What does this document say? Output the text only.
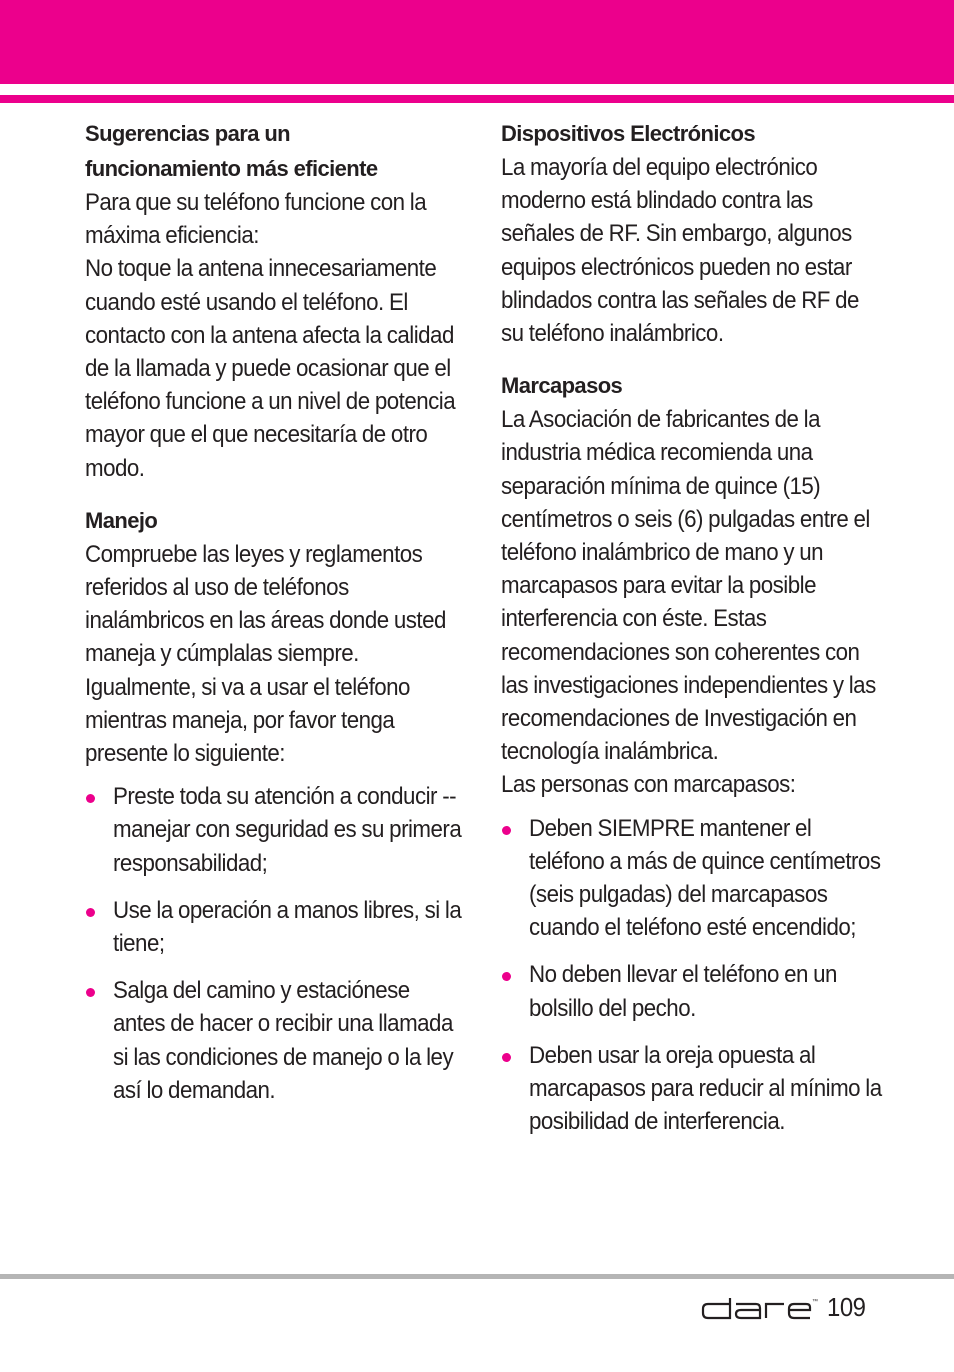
Sugerencias para un

funcionamiento más eficiente

Para que su teléfono funcione con la máxima eficiencia:

No toque la antena innecesariamente cuando esté usando el teléfono. El contacto con la antena afecta la calidad de la llamada y puede ocasionar que el teléfono funcione a un nivel de potencia mayor que el que necesitaría de otro modo.

Manejo

Compruebe las leyes y reglamentos referidos al uso de teléfonos inalámbricos en las áreas donde usted maneja y cúmplalas siempre. Igualmente, si va a usar el teléfono mientras maneja, por favor tenga presente lo siguiente:

Preste toda su atención a conducir -- manejar con seguridad es su primera responsabilidad;

Use la operación a manos libres, si la tiene;

Salga del camino y estaciónese antes de hacer o recibir una llamada si las condiciones de manejo o la ley así lo demandan.

Dispositivos Electrónicos

La mayoría del equipo electrónico moderno está blindado contra las señales de RF. Sin embargo, algunos equipos electrónicos pueden no estar blindados contra las señales de RF de su teléfono inalámbrico.

Marcapasos

La Asociación de fabricantes de la industria médica recomienda una separación mínima de quince (15) centímetros o seis (6) pulgadas entre el teléfono inalámbrico de mano y un marcapasos para evitar la posible interferencia con éste. Estas recomendaciones son coherentes con las investigaciones independientes y las recomendaciones de Investigación en tecnología inalámbrica.

Las personas con marcapasos:

Deben SIEMPRE mantener el teléfono a más de quince centímetros (seis pulgadas) del marcapasos cuando el teléfono esté encendido;

No deben llevar el teléfono en un bolsillo del pecho.

Deben usar la oreja opuesta al marcapasos para reducir al mínimo la posibilidad de interferencia.

™ 109
